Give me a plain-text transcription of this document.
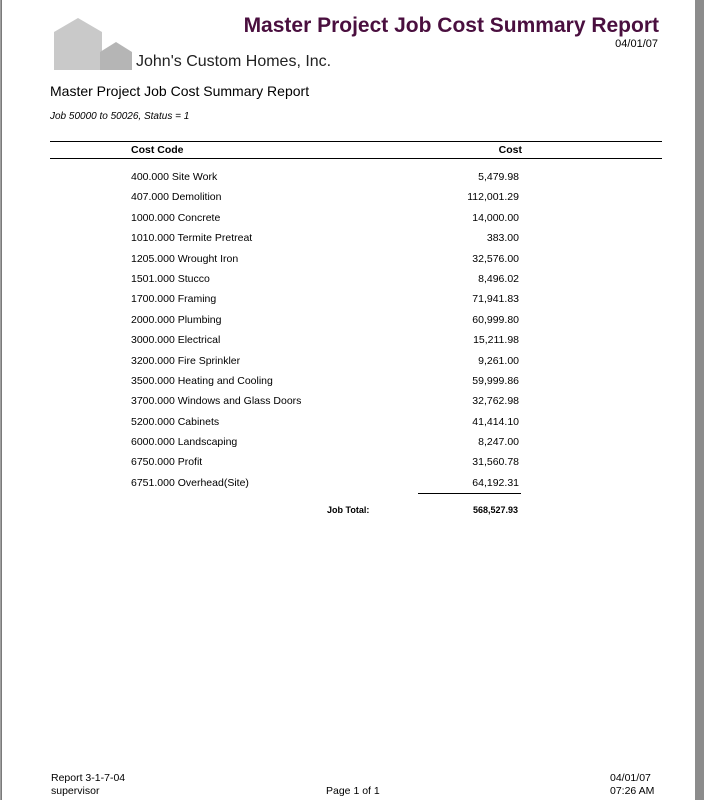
John's Custom Homes, Inc.
Master Project Job Cost Summary Report
04/01/07
Master Project Job Cost Summary Report
Job 50000 to 50026, Status = 1
Cost Code	Cost
400.000 Site Work	5,479.98
407.000 Demolition	112,001.29
1000.000 Concrete	14,000.00
1010.000 Termite Pretreat	383.00
1205.000 Wrought Iron	32,576.00
1501.000 Stucco	8,496.02
1700.000 Framing	71,941.83
2000.000 Plumbing	60,999.80
3000.000 Electrical	15,211.98
3200.000 Fire Sprinkler	9,261.00
3500.000 Heating and Cooling	59,999.86
3700.000 Windows and Glass Doors	32,762.98
5200.000 Cabinets	41,414.10
6000.000 Landscaping	8,247.00
6750.000 Profit	31,560.78
6751.000 Overhead(Site)	64,192.31
Job Total:	568,527.93
Report 3-1-7-04
supervisor	Page 1 of 1
04/01/07
07:26 AM
